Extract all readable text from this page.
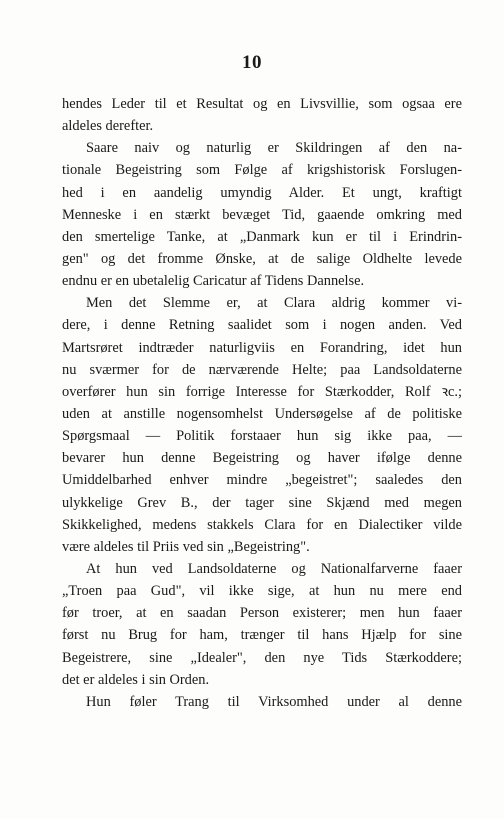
10
hendes Leder til et Resultat og en Livsvillie, som ogsaa ere
aldeles derefter.
Saare naiv og naturlig er Skildringen af den na-
tionale Begeistring som Følge af krigshistorisk Forslugen-
hed i en aandelig umyndig Alder. Et ungt, kraftigt
Menneske i en stærkt bevæget Tid, gaaende omkring med
den smertelige Tanke, at „Danmark kun er til i Erindrin-
gen" og det fromme Ønske, at de salige Oldhelte levede
endnu er en ubetalelig Caricatur af Tidens Dannelse.
Men det Slemme er, at Clara aldrig kommer vi-
dere, i denne Retning saalidet som i nogen anden. Ved
Martsrøret indtræder naturligviis en Forandring, idet hun
nu sværmer for de nærværende Helte; paa Landsoldaterne
overfører hun sin forrige Interesse for Stærkodder, Rolf ꝛc.;
uden at anstille nogensomhelst Undersøgelse af de politiske
Spørgsmaal — Politik forstaaer hun sig ikke paa, —
bevarer hun denne Begeistring og haver ifølge denne
Umiddelbarhed enhver mindre „begeistret"; saaledes den
ulykkelige Grev B., der tager sine Skjænd med megen
Skikkelighed, medens stakkels Clara for en Dialectiker vilde
være aldeles til Priis ved sin „Begeistring".
At hun ved Landsoldaterne og Nationalfarverne faaer
„Troen paa Gud", vil ikke sige, at hun nu mere end
før troer, at en saadan Person existerer; men hun faaer
først nu Brug for ham, trænger til hans Hjælp for sine
Begeistrere, sine „Idealer", den nye Tids Stærkoddere;
det er aldeles i sin Orden.
Hun føler Trang til Virksomhed under al denne
